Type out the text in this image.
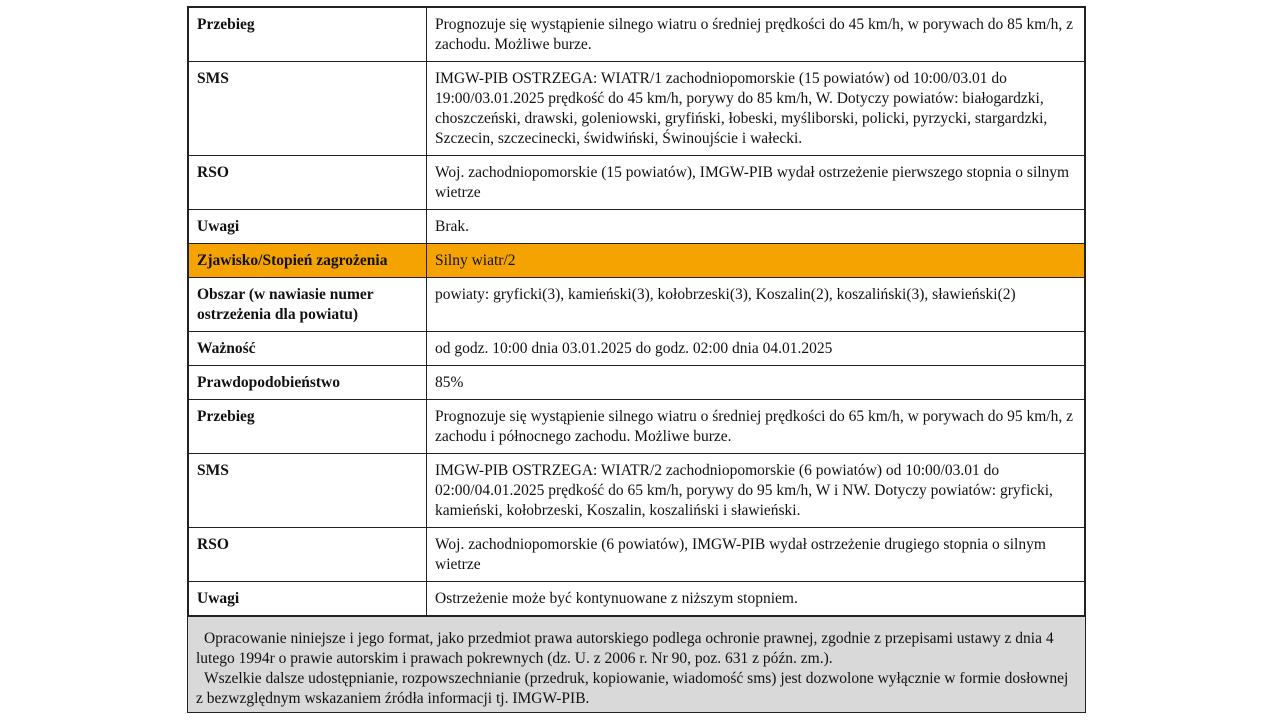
Przebieg	Prognozuje się wystąpienie silnego wiatru o średniej prędkości do 45 km/h, w porywach do 85 km/h, z zachodu. Możliwe burze.
SMS	IMGW-PIB OSTRZEGA: WIATR/1 zachodniopomorskie (15 powiatów) od 10:00/03.01 do 19:00/03.01.2025 prędkość do 45 km/h, porywy do 85 km/h, W. Dotyczy powiatów: białogardzki, choszczeński, drawski, goleniowski, gryfiński, łobeski, myśliborski, policki, pyrzycki, stargardzki, Szczecin, szczecinecki, świdwiński, Świnoujście i wałecki.
RSO	Woj. zachodniopomorskie (15 powiatów), IMGW-PIB wydał ostrzeżenie pierwszego stopnia o silnym wietrze
Uwagi	Brak.
Zjawisko/Stopień zagrożenia	Silny wiatr/2
Obszar (w nawiasie numer ostrzeżenia dla powiatu)	powiaty: gryficki(3), kamieński(3), kołobrzeski(3), Koszalin(2), koszaliński(3), sławieński(2)
Ważność	od godz. 10:00 dnia 03.01.2025 do godz. 02:00 dnia 04.01.2025
Prawdopodobieństwo	85%
Przebieg	Prognozuje się wystąpienie silnego wiatru o średniej prędkości do 65 km/h, w porywach do 95 km/h, z zachodu i północnego zachodu. Możliwe burze.
SMS	IMGW-PIB OSTRZEGA: WIATR/2 zachodniopomorskie (6 powiatów) od 10:00/03.01 do 02:00/04.01.2025 prędkość do 65 km/h, porywy do 95 km/h, W i NW. Dotyczy powiatów: gryficki, kamieński, kołobrzeski, Koszalin, koszaliński i sławieński.
RSO	Woj. zachodniopomorskie (6 powiatów), IMGW-PIB wydał ostrzeżenie drugiego stopnia o silnym wietrze
Uwagi	Ostrzeżenie może być kontynuowane z niższym stopniem.

Opracowanie niniejsze i jego format, jako przedmiot prawa autorskiego podlega ochronie prawnej, zgodnie z przepisami ustawy z dnia 4 lutego 1994r o prawie autorskim i prawach pokrewnych (dz. U. z 2006 r. Nr 90, poz. 631 z późn. zm.).

Wszelkie dalsze udostępnianie, rozpowszechnianie (przedruk, kopiowanie, wiadomość sms) jest dozwolone wyłącznie w formie dosłownej z bezwzględnym wskazaniem źródła informacji tj. IMGW-PIB.
